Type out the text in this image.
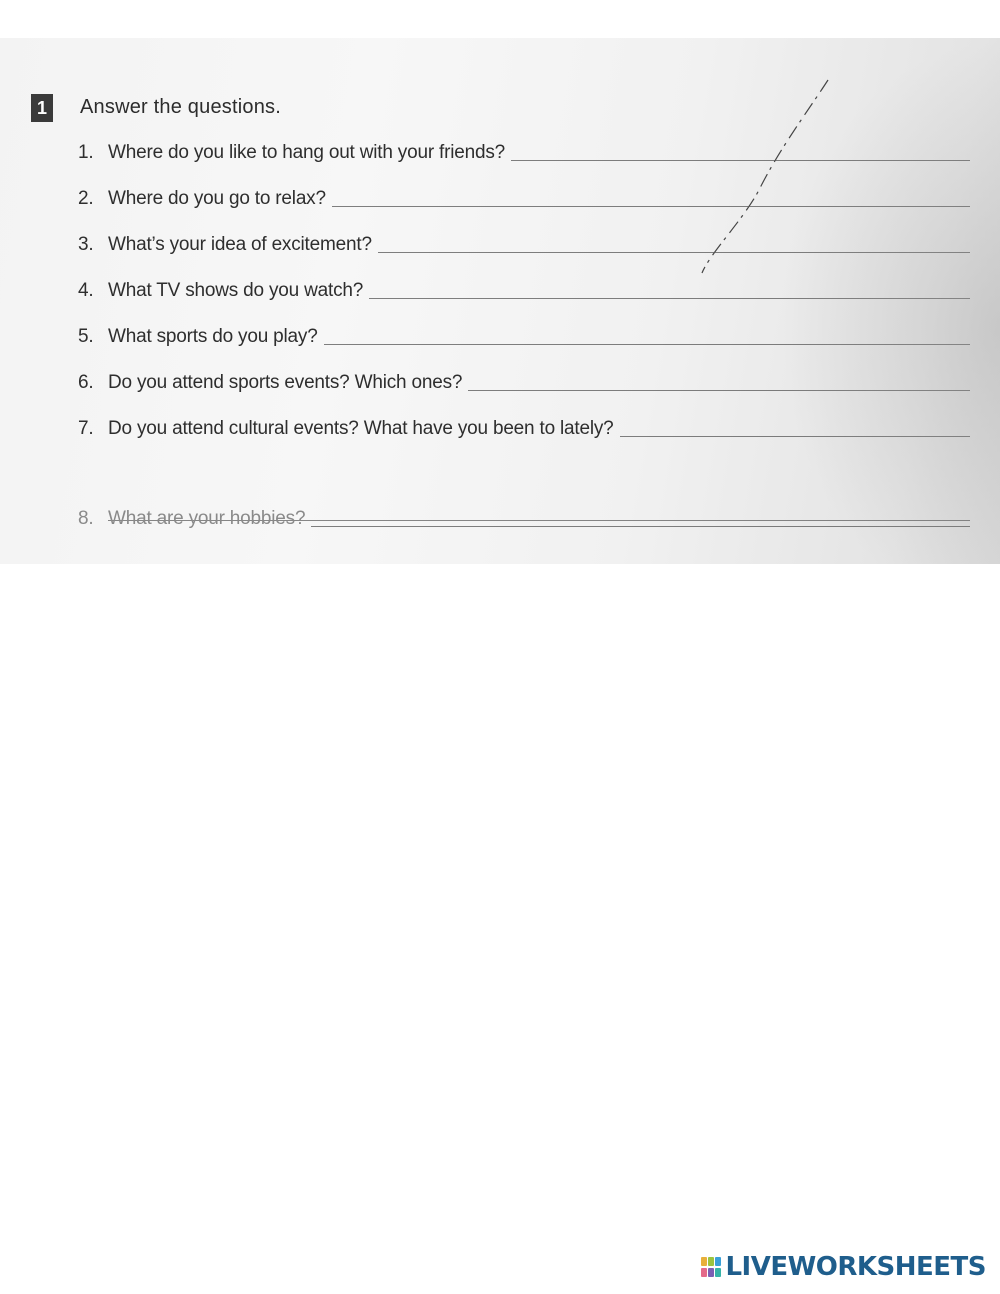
1	Answer the questions.
1. Where do you like to hang out with your friends?
2. Where do you go to relax?
3. What’s your idea of excitement?
4. What TV shows do you watch?
5. What sports do you play?
6. Do you attend sports events? Which ones?
7. Do you attend cultural events? What have you been to lately?
8. What are your hobbies?
LIVEWORKSHEETS
